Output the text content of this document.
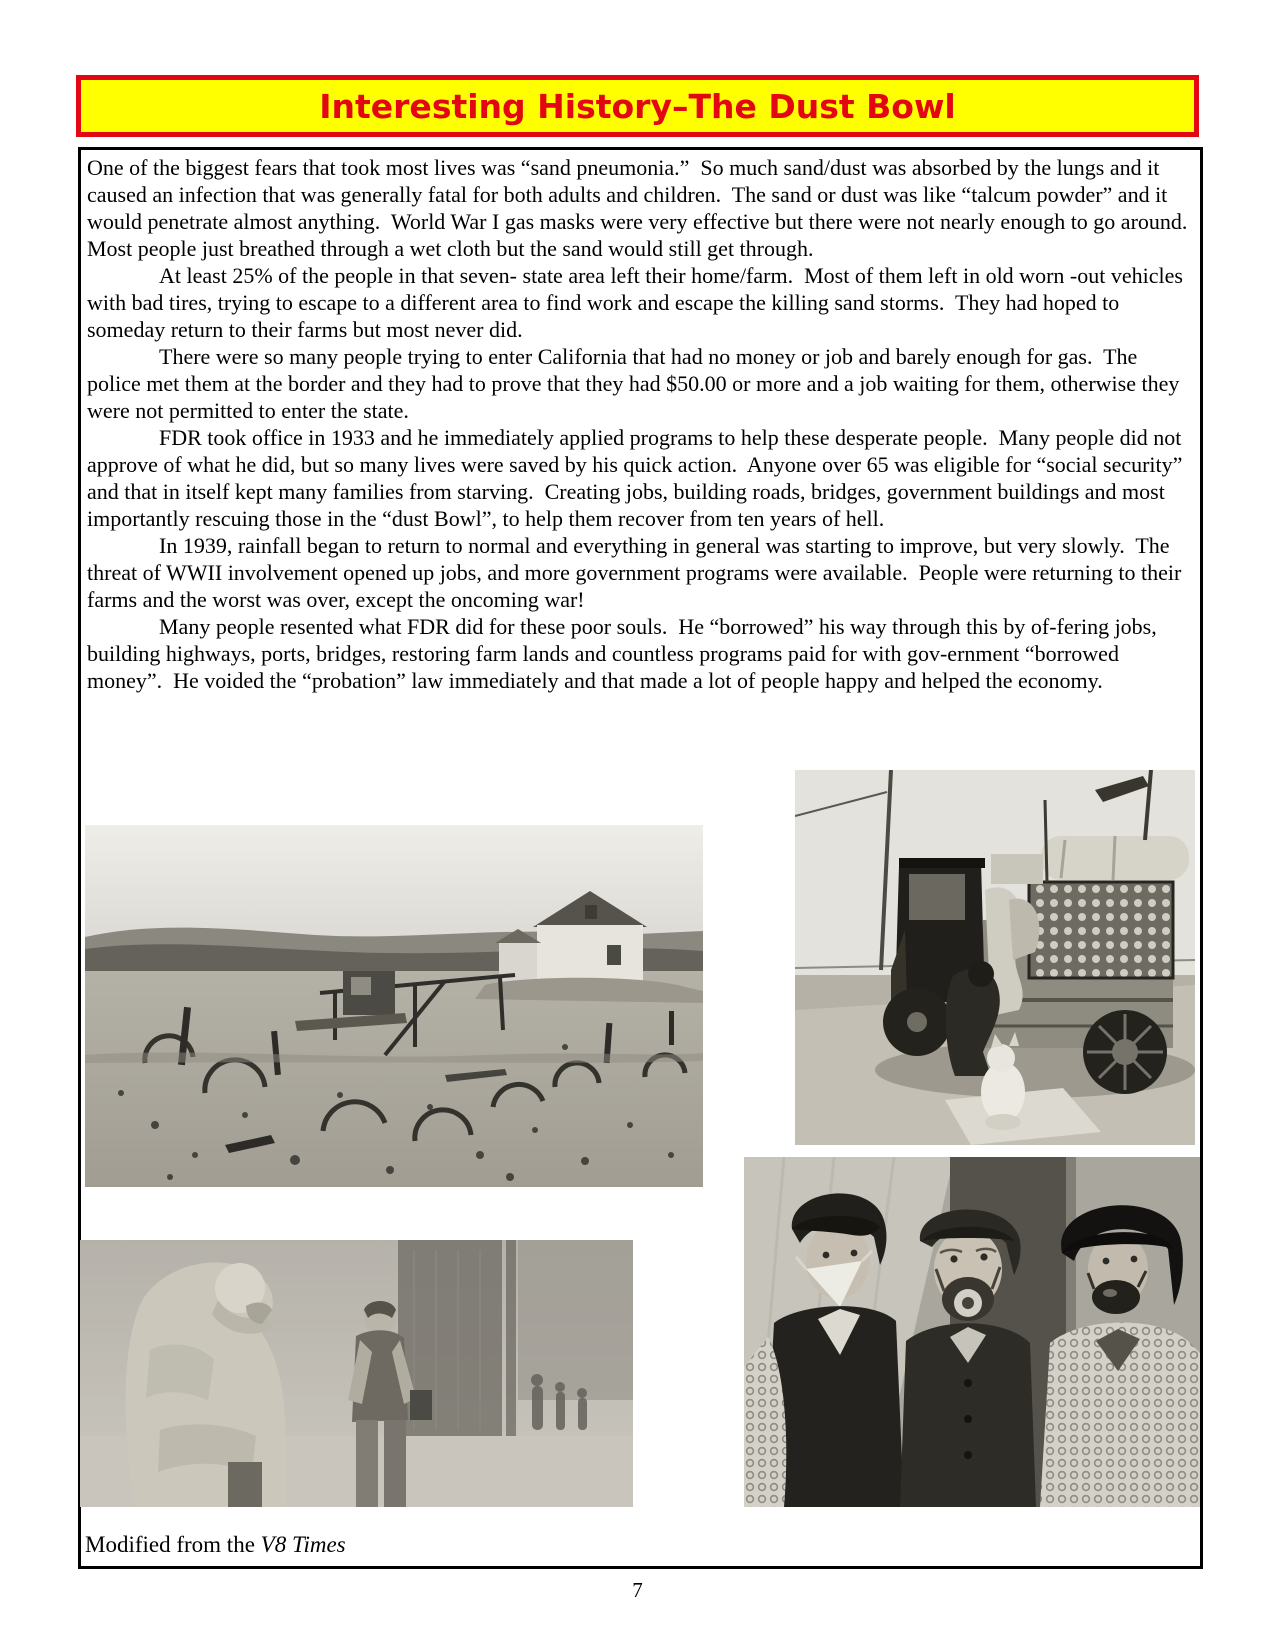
Interesting History–The Dust Bowl

One of the biggest fears that took most lives was “sand pneumonia.”  So much sand/dust was absorbed by the lungs and it caused an infection that was generally fatal for both adults and children.  The sand or dust was like “talcum powder” and it would penetrate almost anything.  World War I gas masks were very effective but there were not nearly enough to go around.  Most people just breathed through a wet cloth but the sand would still get through.

At least 25% of the people in that seven- state area left their home/farm.  Most of them left in old worn -out vehicles with bad tires, trying to escape to a different area to find work and escape the killing sand storms.  They had hoped to someday return to their farms but most never did.

There were so many people trying to enter California that had no money or job and barely enough for gas.  The police met them at the border and they had to prove that they had $50.00 or more and a job waiting for them, otherwise they were not permitted to enter the state.

FDR took office in 1933 and he immediately applied programs to help these desperate people.  Many people did not approve of what he did, but so many lives were saved by his quick action.  Anyone over 65 was eligible for “social security” and that in itself kept many families from starving.  Creating jobs, building roads, bridges, government buildings and most importantly rescuing those in the “dust Bowl”, to help them recover from ten years of hell.

In 1939, rainfall began to return to normal and everything in general was starting to improve, but very slowly.  The threat of WWII involvement opened up jobs, and more government programs were available.  People were returning to their farms and the worst was over, except the oncoming war!

Many people resented what FDR did for these poor souls.  He “borrowed” his way through this by of-fering jobs, building highways, ports, bridges, restoring farm lands and countless programs paid for with gov-ernment “borrowed money”.  He voided the “probation” law immediately and that made a lot of people happy and helped the economy.

Modified from the V8 Times
7
